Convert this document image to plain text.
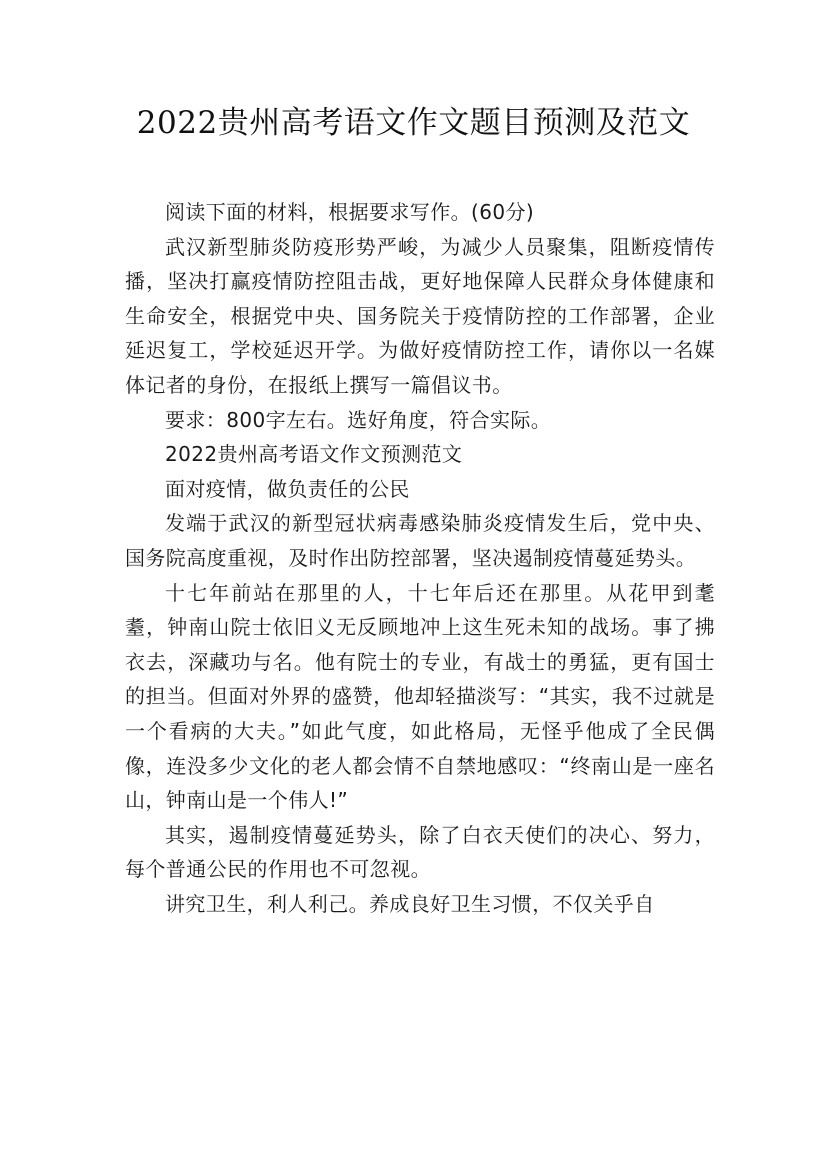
2022贵州高考语文作文题目预测及范文

阅读下面的材料，根据要求写作。(60分)

武汉新型肺炎防疫形势严峻，为减少人员聚集，阻断疫情传播，坚决打赢疫情防控阻击战，更好地保障人民群众身体健康和生命安全，根据党中央、国务院关于疫情防控的工作部署，企业延迟复工，学校延迟开学。为做好疫情防控工作，请你以一名媒体记者的身份，在报纸上撰写一篇倡议书。

要求：800字左右。选好角度，符合实际。

2022贵州高考语文作文预测范文

面对疫情，做负责任的公民

发端于武汉的新型冠状病毒感染肺炎疫情发生后，党中央、国务院高度重视，及时作出防控部署，坚决遏制疫情蔓延势头。

十七年前站在那里的人，十七年后还在那里。从花甲到耄耋，钟南山院士依旧义无反顾地冲上这生死未知的战场。事了拂衣去，深藏功与名。他有院士的专业，有战士的勇猛，更有国士的担当。但面对外界的盛赞，他却轻描淡写：“其实，我不过就是一个看病的大夫。”如此气度，如此格局，无怪乎他成了全民偶像，连没多少文化的老人都会情不自禁地感叹：“终南山是一座名山，钟南山是一个伟人!”

其实，遏制疫情蔓延势头，除了白衣天使们的决心、努力，每个普通公民的作用也不可忽视。

讲究卫生，利人利己。养成良好卫生习惯，不仅关乎自
